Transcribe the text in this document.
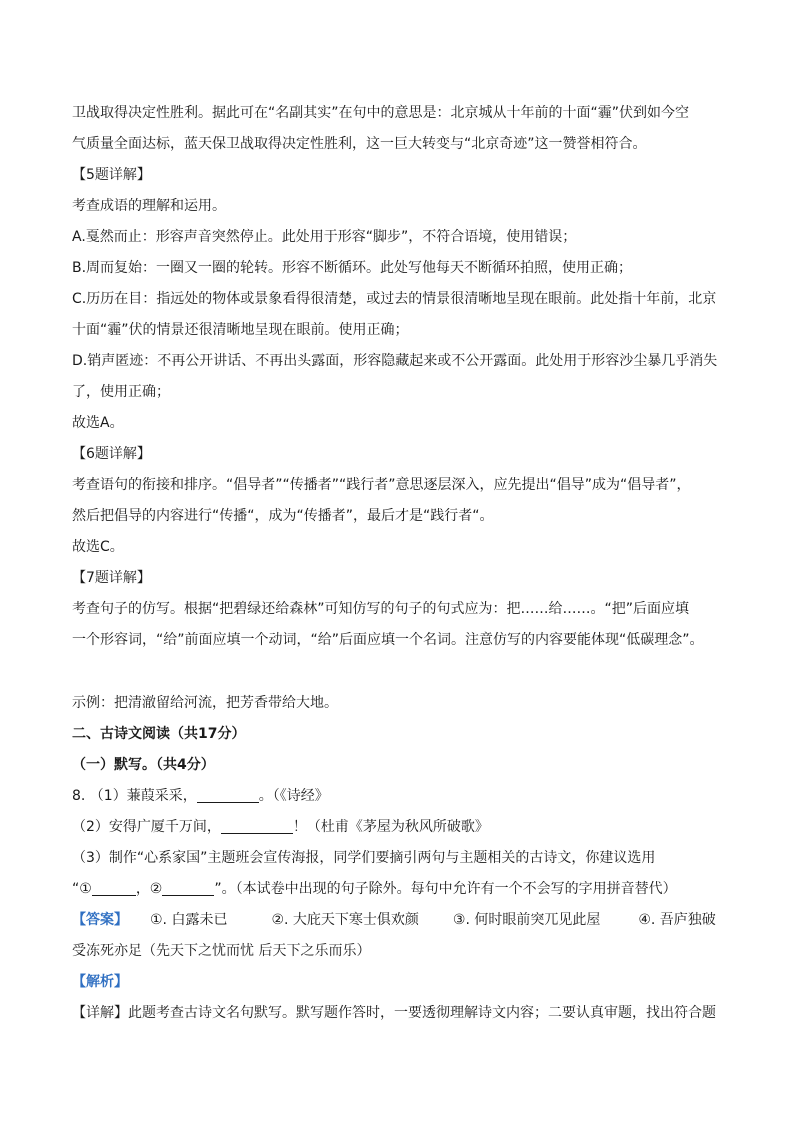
卫战取得决定性胜利。据此可在“名副其实”在句中的意思是：北京城从十年前的十面“霾”伏到如今空

气质量全面达标，蓝天保卫战取得决定性胜利，这一巨大转变与“北京奇迹”这一赞誉相符合。

【5题详解】

考查成语的理解和运用。

A.戛然而止：形容声音突然停止。此处用于形容“脚步”，不符合语境，使用错误；

B.周而复始：一圈又一圈的轮转。形容不断循环。此处写他每天不断循环拍照，使用正确；

C.历历在目：指远处的物体或景象看得很清楚，或过去的情景很清晰地呈现在眼前。此处指十年前，北京

十面“霾”伏的情景还很清晰地呈现在眼前。使用正确；

D.销声匿迹：不再公开讲话、不再出头露面，形容隐藏起来或不公开露面。此处用于形容沙尘暴几乎消失

了，使用正确；

故选A。

【6题详解】

考查语句的衔接和排序。“倡导者”“传播者”“践行者”意思逐层深入，应先提出“倡导”成为“倡导者”，

然后把倡导的内容进行“传播“，成为“传播者”，最后才是“践行者“。

故选C。

【7题详解】

考查句子的仿写。根据“把碧绿还给森林”可知仿写的句子的句式应为：把……给……。“把”后面应填

一个形容词，“给”前面应填一个动词，“给”后面应填一个名词。注意仿写的内容要能体现“低碳理念”。

示例：把清澈留给河流，把芳香带给大地。

二、古诗文阅读（共17分）

（一）默写。（共4分）

8. （1）蒹葭采采，	。（《诗经》

（2）安得广厦千万间，	！（杜甫《茅屋为秋风所破歌》

（3）制作“心系家国”主题班会宣传海报，同学们要摘引两句与主题相关的古诗文，你建议选用

“①	，②	”。（本试卷中出现的句子除外。每句中允许有一个不会写的字用拼音替代）

【答案】 ①. 白露未已	②. 大庇天下寒士俱欢颜 ③. 何时眼前突兀见此屋	④. 吾庐独破

受冻死亦足（先天下之忧而忧 后天下之乐而乐）

【解析】

【详解】此题考查古诗文名句默写。默写题作答时，一要透彻理解诗文内容；二要认真审题，找出符合题
